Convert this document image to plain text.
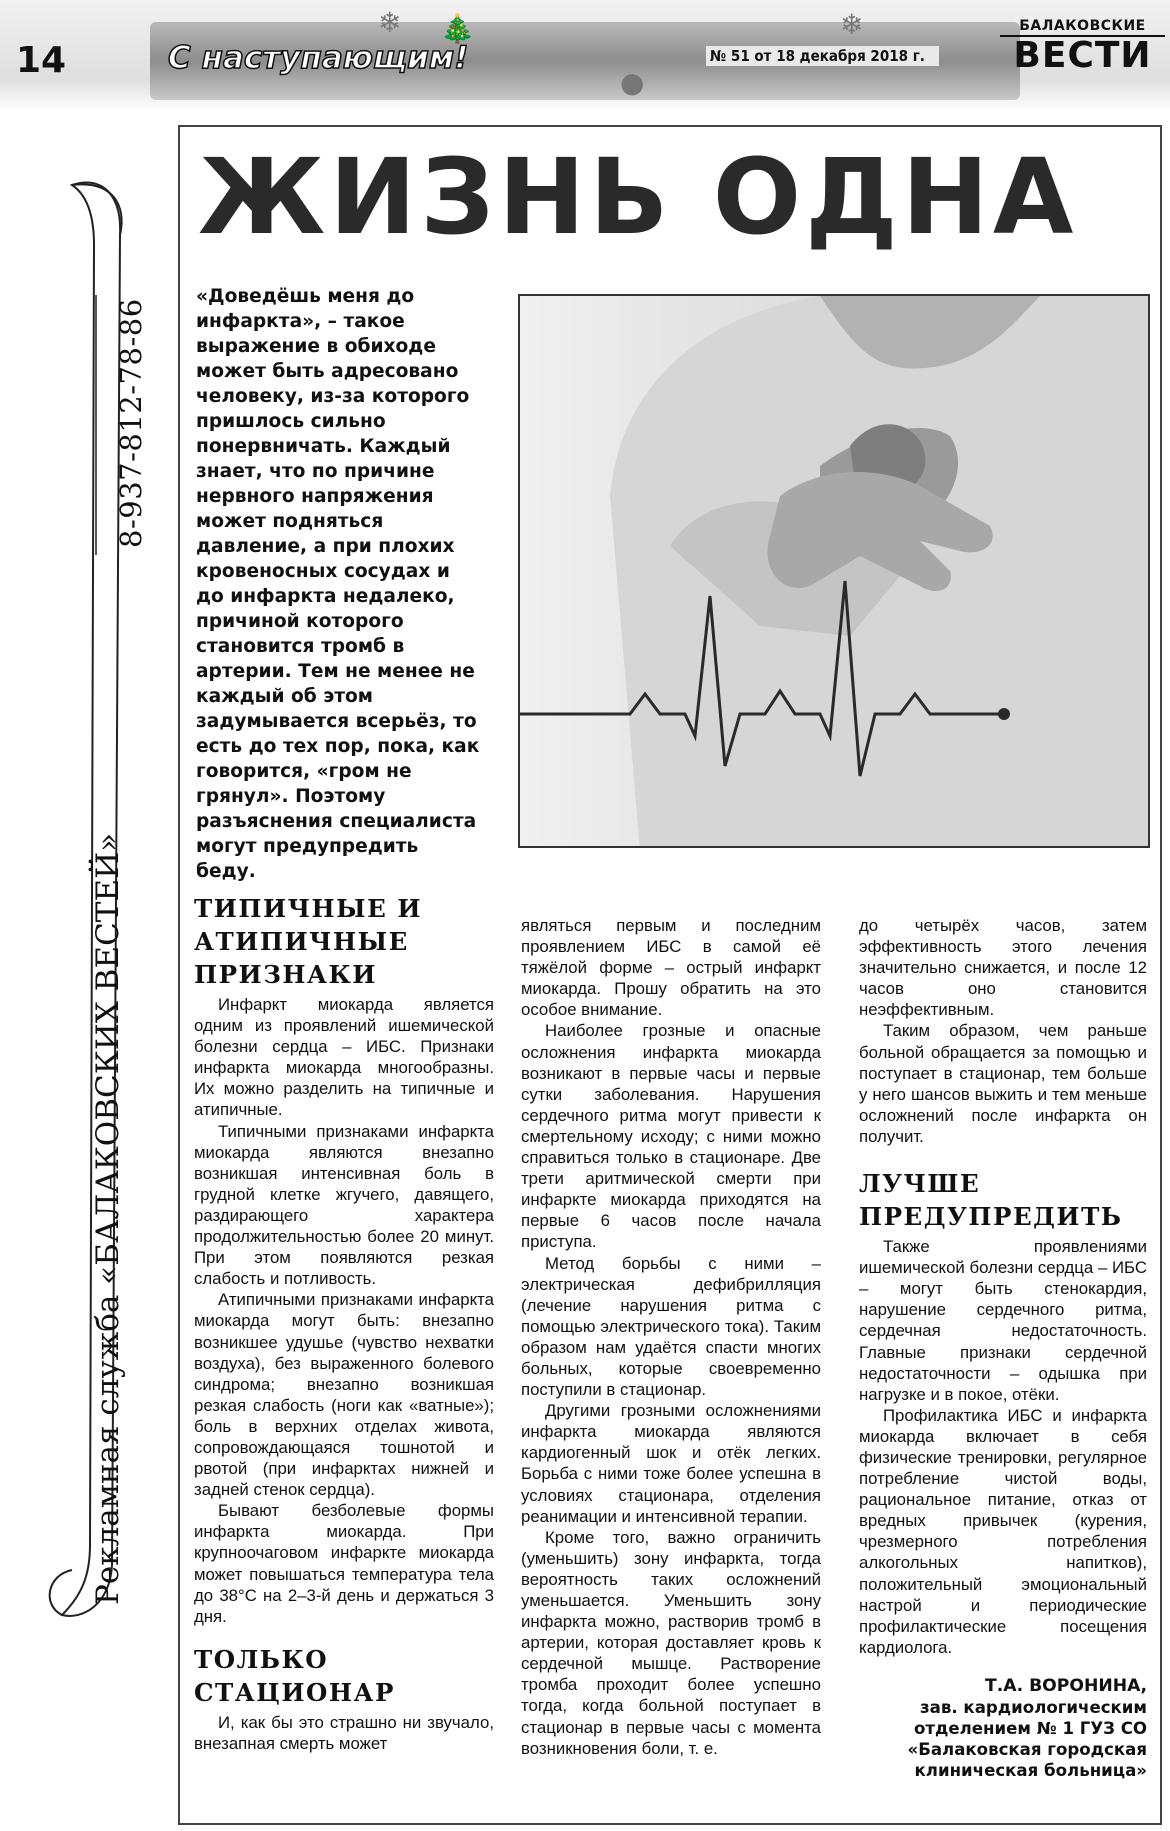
14
❄ 🎄
●
❄
С наступающим!	№ 51 от 18 декабря 2018 г.
БАЛАКОВСКИЕ
ВЕСТИ
8-937-812-78-86
Рекламная служба «БАЛАКОВСКИХ ВЕСТЕЙ»
ЖИЗНЬ ОДНА

«Доведёшь меня до инфаркта», – такое выражение в обиходе может быть адресовано человеку, из-за которого пришлось сильно понервничать. Каждый знает, что по причине нервного напряжения может подняться давление, а при плохих кровеносных сосудах и до инфаркта недалеко, причиной которого становится тромб в артерии. Тем не менее не каждый об этом задумывается всерьёз, то есть до тех пор, пока, как говорится, «гром не грянул». Поэтому разъяснения специалиста могут предупредить беду.

ТИПИЧНЫЕ И АТИПИЧНЫЕ ПРИЗНАКИ

Инфаркт миокарда является одним из проявлений ишемической болезни сердца – ИБС. Признаки инфаркта миокарда многообразны. Их можно разделить на типичные и атипичные.

Типичными признаками инфаркта миокарда являются внезапно возникшая интенсивная боль в грудной клетке жгучего, давящего, раздирающего характера продолжительностью более 20 минут. При этом появляются резкая слабость и потливость.

Атипичными признаками инфаркта миокарда могут быть: внезапно возникшее удушье (чувство нехватки воздуха), без выраженного болевого синдрома; внезапно возникшая резкая слабость (ноги как «ватные»); боль в верхних отделах живота, сопровождающаяся тошнотой и рвотой (при инфарктах нижней и задней стенок сердца).

Бывают безболевые формы инфаркта миокарда. При крупноочаговом инфаркте миокарда может повышаться температура тела до 38°С на 2–3-й день и держаться 3 дня.

ТОЛЬКО СТАЦИОНАР

И, как бы это страшно ни звучало, внезапная смерть может

являться первым и последним проявлением ИБС в самой её тяжёлой форме – острый инфаркт миокарда. Прошу обратить на это особое внимание.

Наиболее грозные и опасные осложнения инфаркта миокарда возникают в первые часы и первые сутки заболевания. Нарушения сердечного ритма могут привести к смертельному исходу; с ними можно справиться только в стационаре. Две трети аритмической смерти при инфаркте миокарда приходятся на первые 6 часов после начала приступа.

Метод борьбы с ними – электрическая дефибрилляция (лечение нарушения ритма с помощью электрического тока). Таким образом нам удаётся спасти многих больных, которые своевременно поступили в стационар.

Другими грозными осложнениями инфаркта миокарда являются кардиогенный шок и отёк легких. Борьба с ними тоже более успешна в условиях стационара, отделения реанимации и интенсивной терапии.

Кроме того, важно ограничить (уменьшить) зону инфаркта, тогда вероятность таких осложнений уменьшается. Уменьшить зону инфаркта можно, растворив тромб в артерии, которая доставляет кровь к сердечной мышце. Растворение тромба проходит более успешно тогда, когда больной поступает в стационар в первые часы с момента возникновения боли, т. е.

до четырёх часов, затем эффективность этого лечения значительно снижается, и после 12 часов оно становится неэффективным.

Таким образом, чем раньше больной обращается за помощью и поступает в стационар, тем больше у него шансов выжить и тем меньше осложнений после инфаркта он получит.

ЛУЧШЕ ПРЕДУПРЕДИТЬ

Также проявлениями ишемической болезни сердца – ИБС – могут быть стенокардия, нарушение сердечного ритма, сердечная недостаточность. Главные признаки сердечной недостаточности – одышка при нагрузке и в покое, отёки.

Профилактика ИБС и инфаркта миокарда включает в себя физические тренировки, регулярное потребление чистой воды, рациональное питание, отказ от вредных привычек (курения, чрезмерного потребления алкогольных напитков), положительный эмоциональный настрой и периодические профилактические посещения кардиолога.

Т.А. ВОРОНИНА,
зав. кардиологическим отделением № 1 ГУЗ СО «Балаковская городская клиническая больница»
